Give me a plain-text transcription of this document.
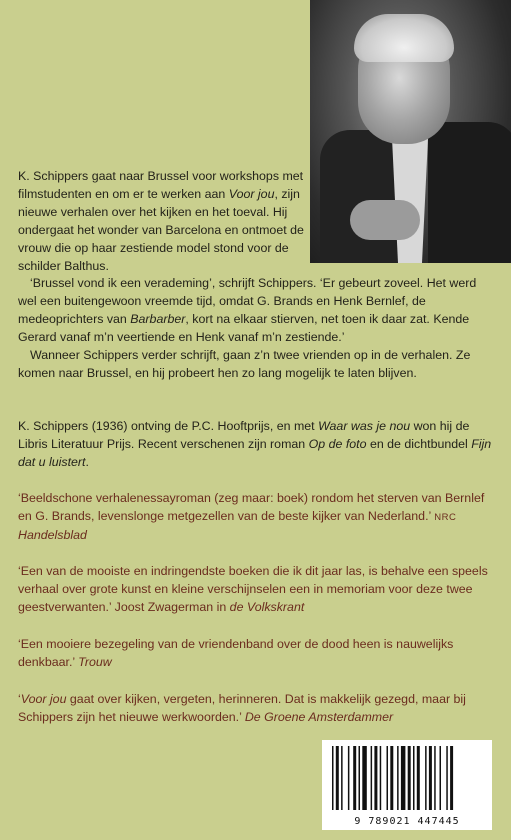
K. Schippers gaat naar Brussel voor workshops met filmstudenten en om er te werken aan Voor jou, zijn nieuwe verhalen over het kijken en het toeval. Hij ondergaat het wonder van Barcelona en ontmoet de vrouw die op haar zestiende model stond voor de schilder Balthus.

‘Brussel vond ik een verademing’, schrijft Schippers. ‘Er gebeurt zoveel. Het werd wel een buitengewoon vreemde tijd, omdat G. Brands en Henk Bernlef, de medeoprichters van Barbarber, kort na elkaar stierven, net toen ik daar zat. Kende Gerard vanaf m’n veertiende en Henk vanaf m’n zestiende.’

Wanneer Schippers verder schrijft, gaan z’n twee vrienden op in de verhalen. Ze komen naar Brussel, en hij probeert hen zo lang mogelijk te laten blijven.

K. Schippers (1936) ontving de P.C. Hooftprijs, en met Waar was je nou won hij de Libris Literatuur Prijs. Recent verschenen zijn roman Op de foto en de dichtbundel Fijn dat u luistert.

‘Beeldschone verhalenessayroman (zeg maar: boek) rondom het sterven van Bernlef en G. Brands, levenslonge metgezellen van de beste kijker van Nederland.’ NRC Handelsblad
‘Een van de mooiste en indringendste boeken die ik dit jaar las, is behalve een speels verhaal over grote kunst en kleine verschijnselen een in memoriam voor deze twee geestverwanten.’ Joost Zwagerman in de Volkskrant
‘Een mooiere bezegeling van de vriendenband over de dood heen is nauwelijks denkbaar.’ Trouw
‘Voor jou gaat over kijken, vergeten, herinneren. Dat is makkelijk gezegd, maar bij Schippers zijn het nieuwe werkwoorden.’ De Groene Amsterdammer
9 789021 447445
